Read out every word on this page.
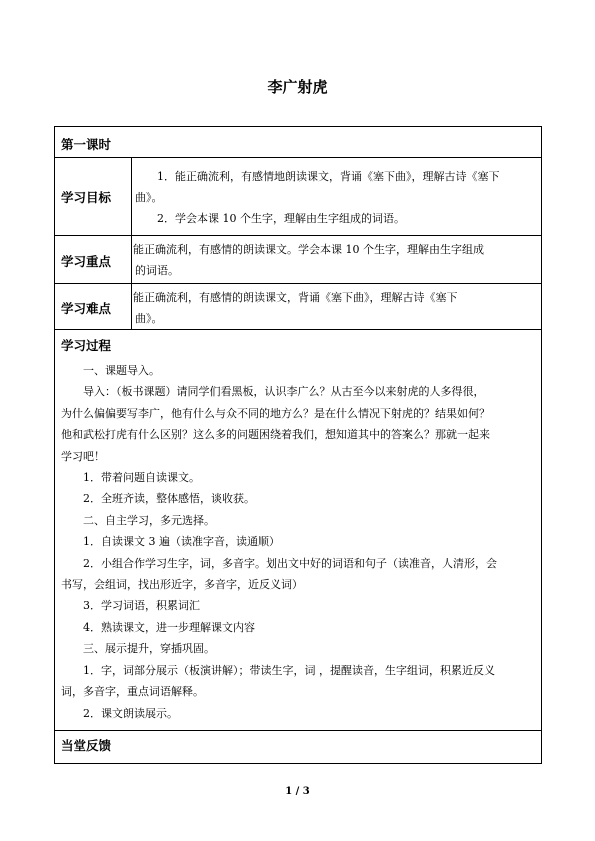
李广射虎
第一课时
学习目标

1．能正确流利，有感情地朗读课文，背诵《塞下曲》，理解古诗《塞下

曲》。

2．学会本课 10 个生字，理解由生字组成的词语。

学习重点

能正确流利，有感情的朗读课文。学会本课 10 个生字，理解由生字组成

的词语。

学习难点

能正确流利，有感情的朗读课文，背诵《塞下曲》，理解古诗《塞下

曲》。

学习过程

一、课题导入。

导入：（板书课题）请同学们看黑板，认识李广么？从古至今以来射虎的人多得很，

为什么偏偏要写李广，他有什么与众不同的地方么？是在什么情况下射虎的？结果如何？

他和武松打虎有什么区别？这么多的问题困绕着我们，想知道其中的答案么？那就一起来

学习吧！

1．带着问题自读课文。

2．全班齐读，整体感悟，谈收获。

二、自主学习，多元选择。

1．自读课文 3 遍（读准字音，读通顺）

2．小组合作学习生字，词，多音字。划出文中好的词语和句子（读准音，人清形，会

书写，会组词，找出形近字，多音字，近反义词）

3．学习词语，积累词汇

4．熟读课文，进一步理解课文内容

三、展示提升，穿插巩固。

1．字，词部分展示（板演讲解）；带读生字，词 ，提醒读音，生字组词，积累近反义

词，多音字，重点词语解释。

2．课文朗读展示。

当堂反馈
1 / 3
